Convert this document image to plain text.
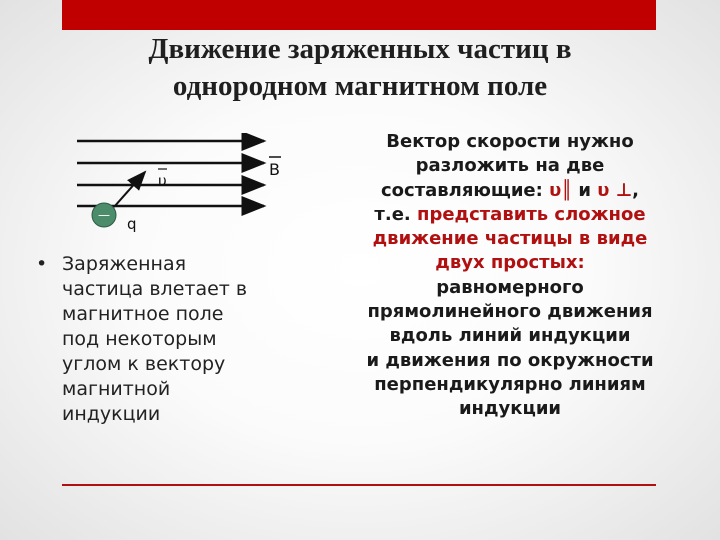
Движение заряженных частиц в
однородном магнитном поле
—
B
υ
q
• Заряженная
частица влетает в
магнитное поле
под некоторым
углом к вектору
магнитной
индукции
Вектор скорости нужно
разложить на две
составляющие: υ║ и υ ⊥,
т.е. представить сложное
движение частицы в виде
двух простых:
равномерного
прямолинейного движения
вдоль линий индукции
и движения по окружности
перпендикулярно линиям
индукции
